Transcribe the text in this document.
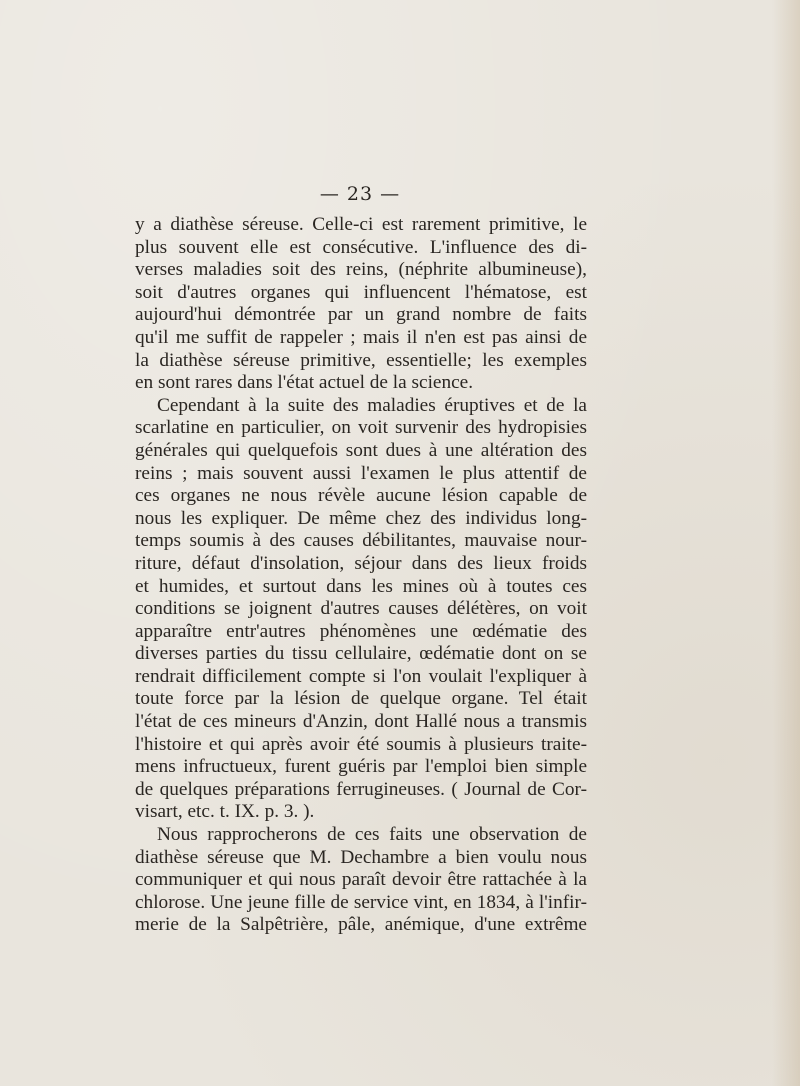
— 23 —
y a diathèse séreuse. Celle-ci est rarement primitive, le
plus souvent elle est consécutive. L'influence des di-
verses maladies soit des reins, (néphrite albumineuse),
soit d'autres organes qui influencent l'hématose, est
aujourd'hui démontrée par un grand nombre de faits
qu'il me suffit de rappeler ; mais il n'en est pas ainsi de
la diathèse séreuse primitive, essentielle; les exemples
en sont rares dans l'état actuel de la science.
Cependant à la suite des maladies éruptives et de la
scarlatine en particulier, on voit survenir des hydropisies
générales qui quelquefois sont dues à une altération des
reins ; mais souvent aussi l'examen le plus attentif de
ces organes ne nous révèle aucune lésion capable de
nous les expliquer. De même chez des individus long-
temps soumis à des causes débilitantes, mauvaise nour-
riture, défaut d'insolation, séjour dans des lieux froids
et humides, et surtout dans les mines où à toutes ces
conditions se joignent d'autres causes délétères, on voit
apparaître entr'autres phénomènes une œdématie des
diverses parties du tissu cellulaire, œdématie dont on se
rendrait difficilement compte si l'on voulait l'expliquer à
toute force par la lésion de quelque organe. Tel était
l'état de ces mineurs d'Anzin, dont Hallé nous a transmis
l'histoire et qui après avoir été soumis à plusieurs traite-
mens infructueux, furent guéris par l'emploi bien simple
de quelques préparations ferrugineuses. ( Journal de Cor-
visart, etc. t. IX. p. 3. ).
Nous rapprocherons de ces faits une observation de
diathèse séreuse que M. Dechambre a bien voulu nous
communiquer et qui nous paraît devoir être rattachée à la
chlorose. Une jeune fille de service vint, en 1834, à l'infir-
merie de la Salpêtrière, pâle, anémique, d'une extrême
